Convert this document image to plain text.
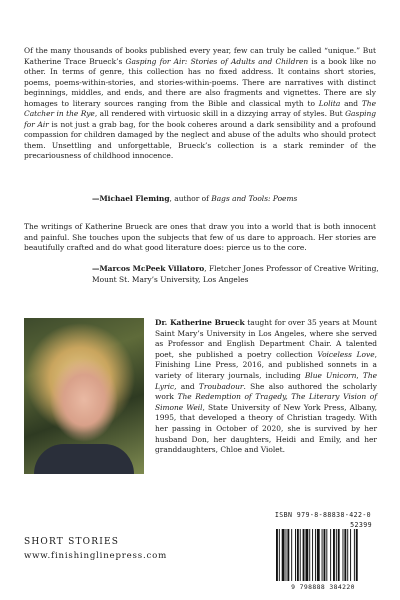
Of the many thousands of books published every year, few can truly be called “unique.” But Katherine Trace Brueck’s Gasping for Air: Stories of Adults and Children is a book like no other. In terms of genre, this collection has no fixed address. It contains short stories, poems, poems-within-stories, and stories-within-poems. There are narratives with distinct beginnings, middles, and ends, and there are also fragments and vignettes. There are sly homages to literary sources ranging from the Bible and classical myth to Lolita and The Catcher in the Rye, all rendered with virtuosic skill in a dizzying array of styles. But Gasping for Air is not just a grab bag, for the book coheres around a dark sensibility and a profound compassion for children damaged by the neglect and abuse of the adults who should protect them. Unsettling and unforgettable, Brueck’s collection is a stark reminder of the precariousness of childhood innocence.

—Michael Fleming, author of Bags and Tools: Poems

The writings of Katherine Brueck are ones that draw you into a world that is both innocent and painful. She touches upon the subjects that few of us dare to approach. Her stories are beautifully crafted and do what good literature does: pierce us to the core.

—Marcos McPeek Villatoro, Fletcher Jones Professor of Creative Writing,

Mount St. Mary’s University, Los Angeles

Dr. Katherine Brueck taught for over 35 years at Mount Saint Mary’s University in Los Angeles, where she served as Professor and English Department Chair. A talented poet, she published a poetry collection Voiceless Love, Finishing Line Press, 2016, and published sonnets in a variety of literary journals, including Blue Unicorn, The Lyric, and Troubadour. She also authored the scholarly work The Redemption of Tragedy, The Literary Vision of Simone Weil, State University of New York Press, Albany, 1995, that developed a theory of Christian tragedy. With her passing in October of 2020, she is survived by her husband Don, her daughters, Heidi and Emily, and her granddaughters, Chloe and Violet.

SHORT STORIES

www.finishinglinepress.com

ISBN 979-8-88838-422-0
52399
9 798888 384220
